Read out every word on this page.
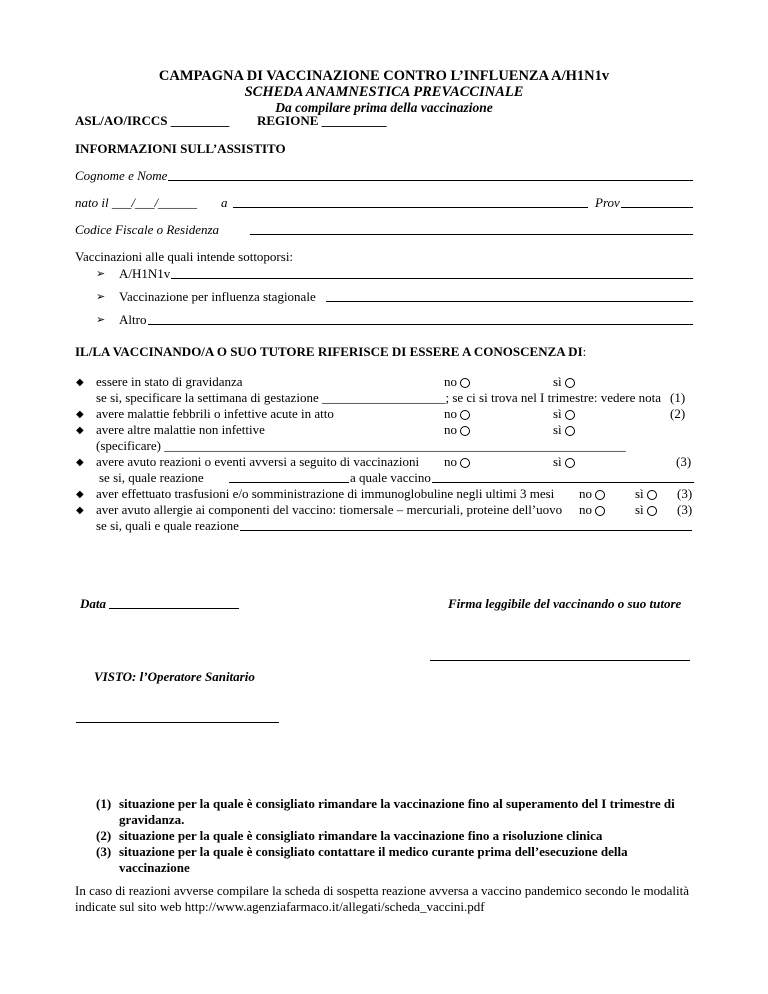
CAMPAGNA DI VACCINAZIONE CONTRO L’INFLUENZA A/H1N1v
SCHEDA ANAMNESTICA PREVACCINALE
Da compilare prima della vaccinazione
ASL/AO/IRCCS _________ REGIONE __________
INFORMAZIONI SULL’ASSISTITO
Cognome e Nome
nato il ___/___/______ a	Prov
Codice Fiscale o Residenza
Vaccinazioni alle quali intende sottoporsi:
➢ A/H1N1v
➢ Vaccinazione per influenza stagionale
➢ Altro
IL/LA VACCINANDO/A O SUO TUTORE RIFERISCE DI ESSERE A CONOSCENZA DI:
◆ essere in stato di gravidanza	no	sì
se si, specificare la settimana di gestazione ___________________; se ci si trova nel I trimestre: vedere nota (1)
◆ avere malattie febbrili o infettive acute in atto	no	sì	(2)
◆ avere altre malattie non infettive	no	sì
(specificare) _______________________________________________________________________
◆ avere avuto reazioni o eventi avversi a seguito di vaccinazioni no	sì	(3)
se si, quale reazione	a quale vaccino
◆ aver effettuato trasfusioni e/o somministrazione di immunoglobuline negli ultimi 3 mesi no	sì	(3)
◆ aver avuto allergie ai componenti del vaccino: tiomersale – mercuriali, proteine dell’uovo no	sì	(3)
se si, quali e quale reazione
Data	Firma leggibile del vaccinando o suo tutore
VISTO: l’Operatore Sanitario
(1) situazione per la quale è consigliato rimandare la vaccinazione fino al superamento del I trimestre di
gravidanza.
(2) situazione per la quale è consigliato rimandare la vaccinazione fino a risoluzione clinica
(3) situazione per la quale è consigliato contattare il medico curante prima dell’esecuzione della
vaccinazione
In caso di reazioni avverse compilare la scheda di sospetta reazione avversa a vaccino pandemico secondo le modalità
indicate sul sito web http://www.agenziafarmaco.it/allegati/scheda_vaccini.pdf
